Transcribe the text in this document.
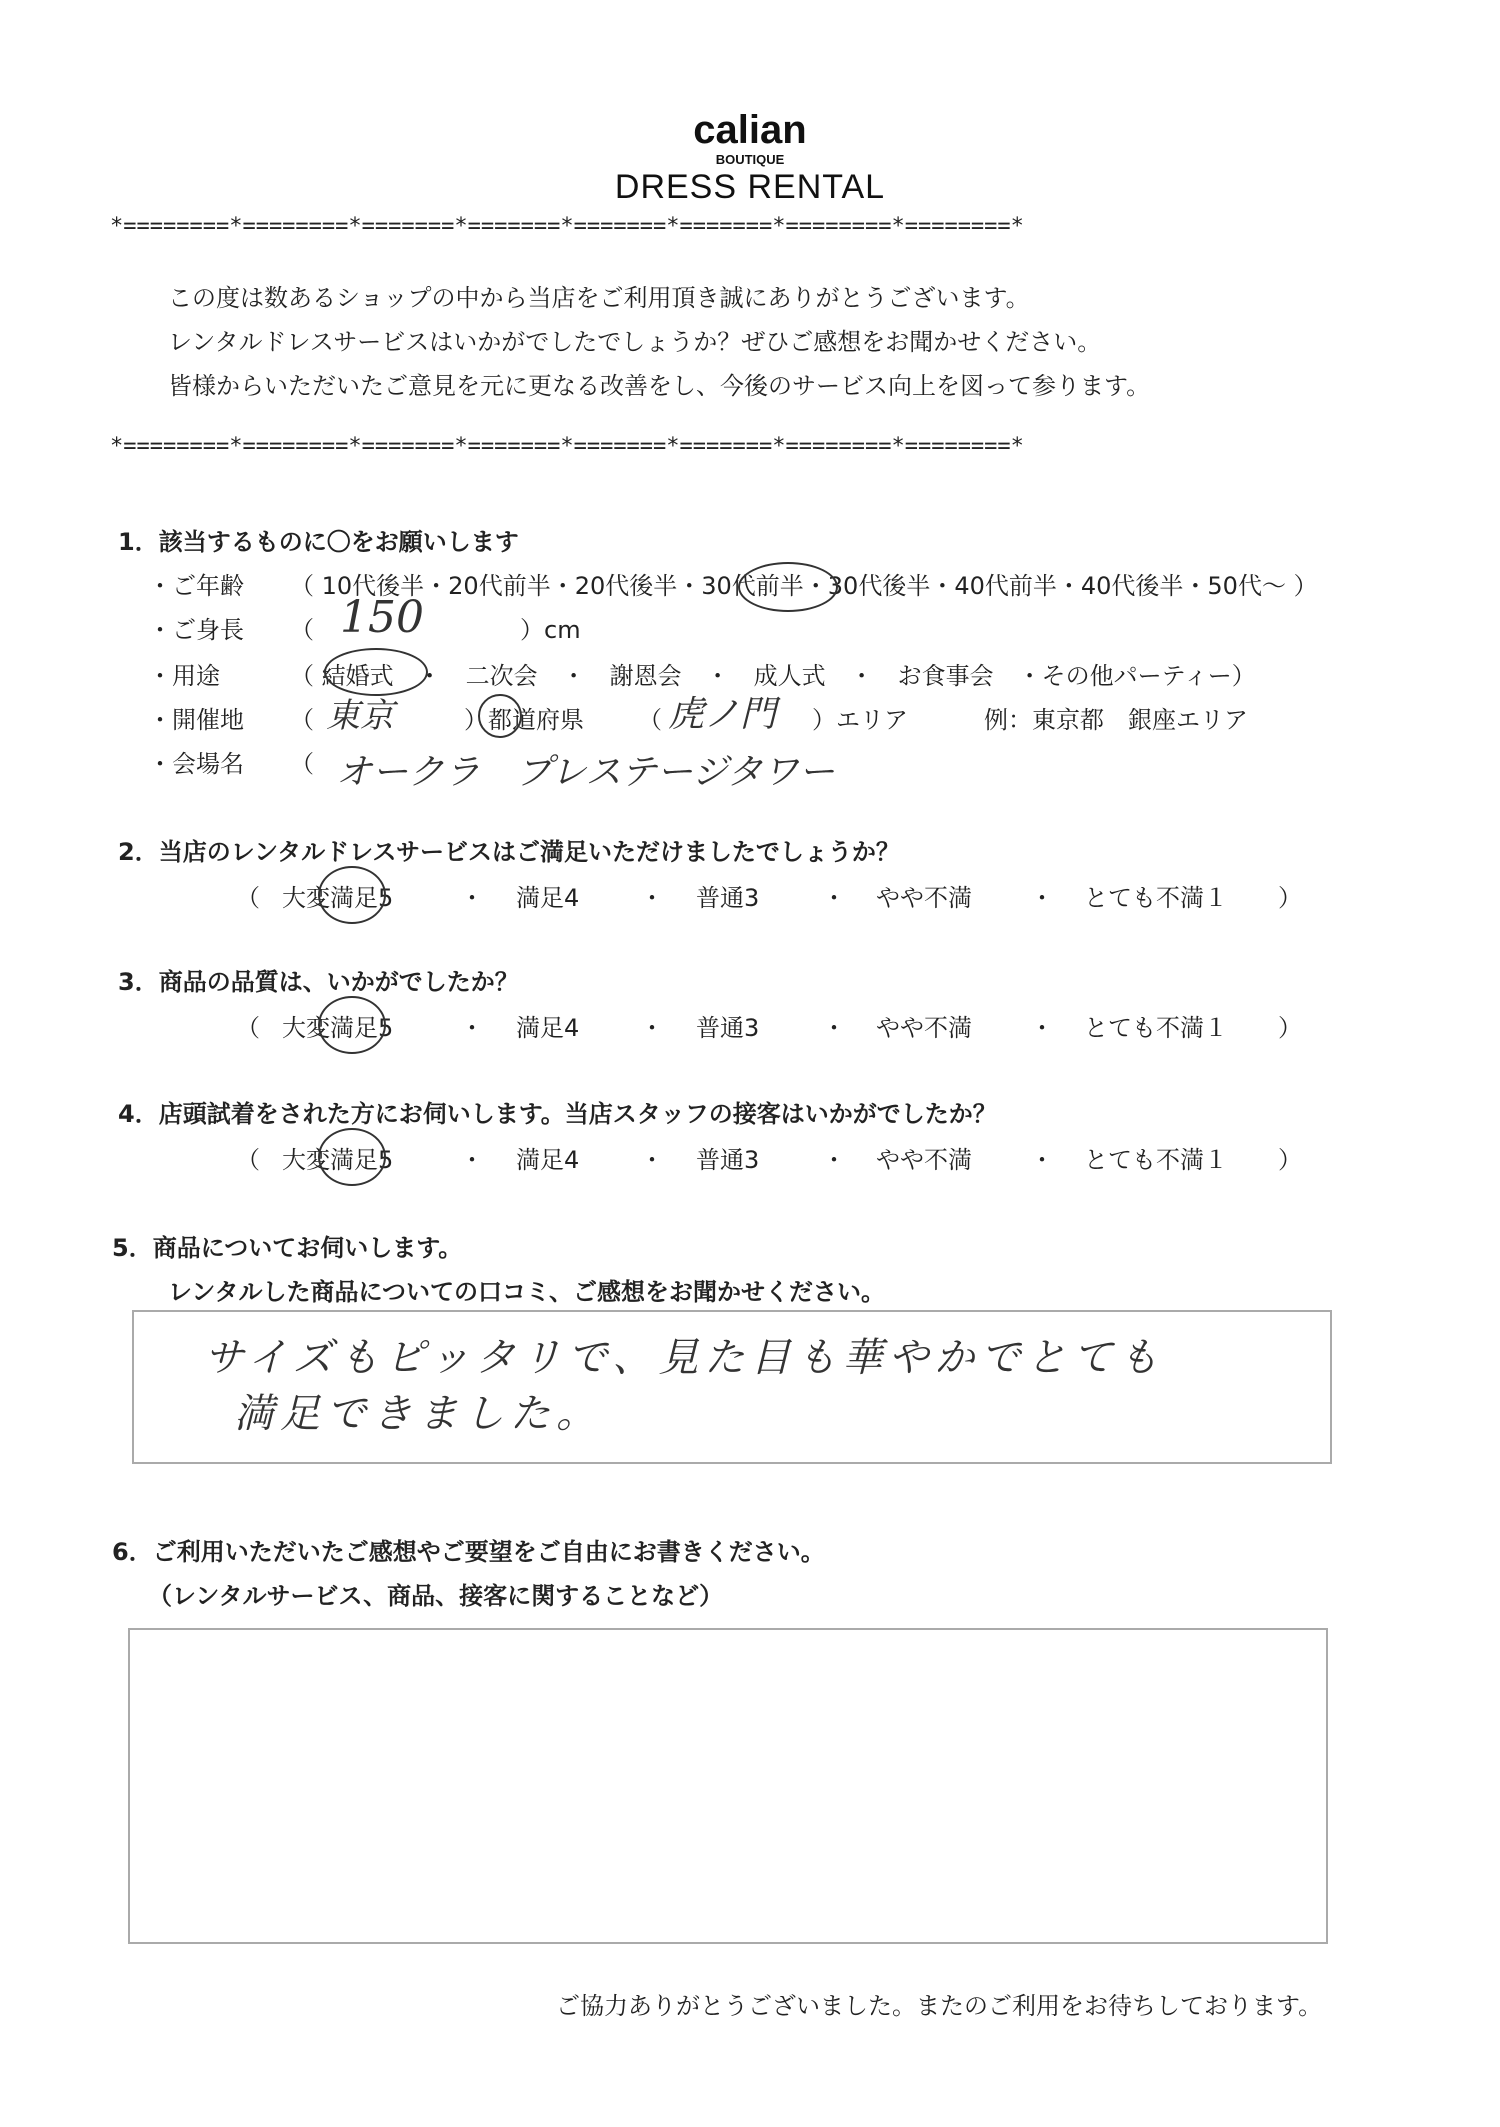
calian
BOUTIQUE
DRESS RENTAL
*========*========*=======*=======*=======*=======*========*========*
この度は数あるショップの中から当店をご利用頂き誠にありがとうございます。
レンタルドレスサービスはいかがでしたでしょうか？ぜひご感想をお聞かせください。
皆様からいただいたご意見を元に更なる改善をし、今後のサービス向上を図って参ります。
*========*========*=======*=======*=======*=======*========*========*
1．該当するものに〇をお願いします
・ご年齢 （ 10代後半・20代前半・20代後半・30代前半・30代後半・40代前半・40代後半・50代～ ）
・ご身長 （ 150	）cm
・用途	（ 結婚式　・　二次会　・　謝恩会　・　成人式　・　お食事会　・その他パーティー）
・開催地 （ 東京	）都道府県 （ 虎ノ門 ）エリア	例：東京都　銀座エリア
・会場名 （ オークラ　プレステージタワー
2．当店のレンタルドレスサービスはご満足いただけましたでしょうか？
（ 大変満足5	・ 満足4	・ 普通3	・ やや不満 ・ とても不満１ ）
3．商品の品質は、いかがでしたか？
（ 大変満足5	・ 満足4	・ 普通3	・ やや不満 ・ とても不満１ ）
4．店頭試着をされた方にお伺いします。当店スタッフの接客はいかがでしたか？
（ 大変満足5	・ 満足4	・ 普通3	・ やや不満 ・ とても不満１ ）
5．商品についてお伺いします。
レンタルした商品についての口コミ、ご感想をお聞かせください。
サイズもピッタリで、見た目も華やかでとても
満足できました。
6．ご利用いただいたご感想やご要望をご自由にお書きください。
（レンタルサービス、商品、接客に関することなど）
ご協力ありがとうございました。またのご利用をお待ちしております。
